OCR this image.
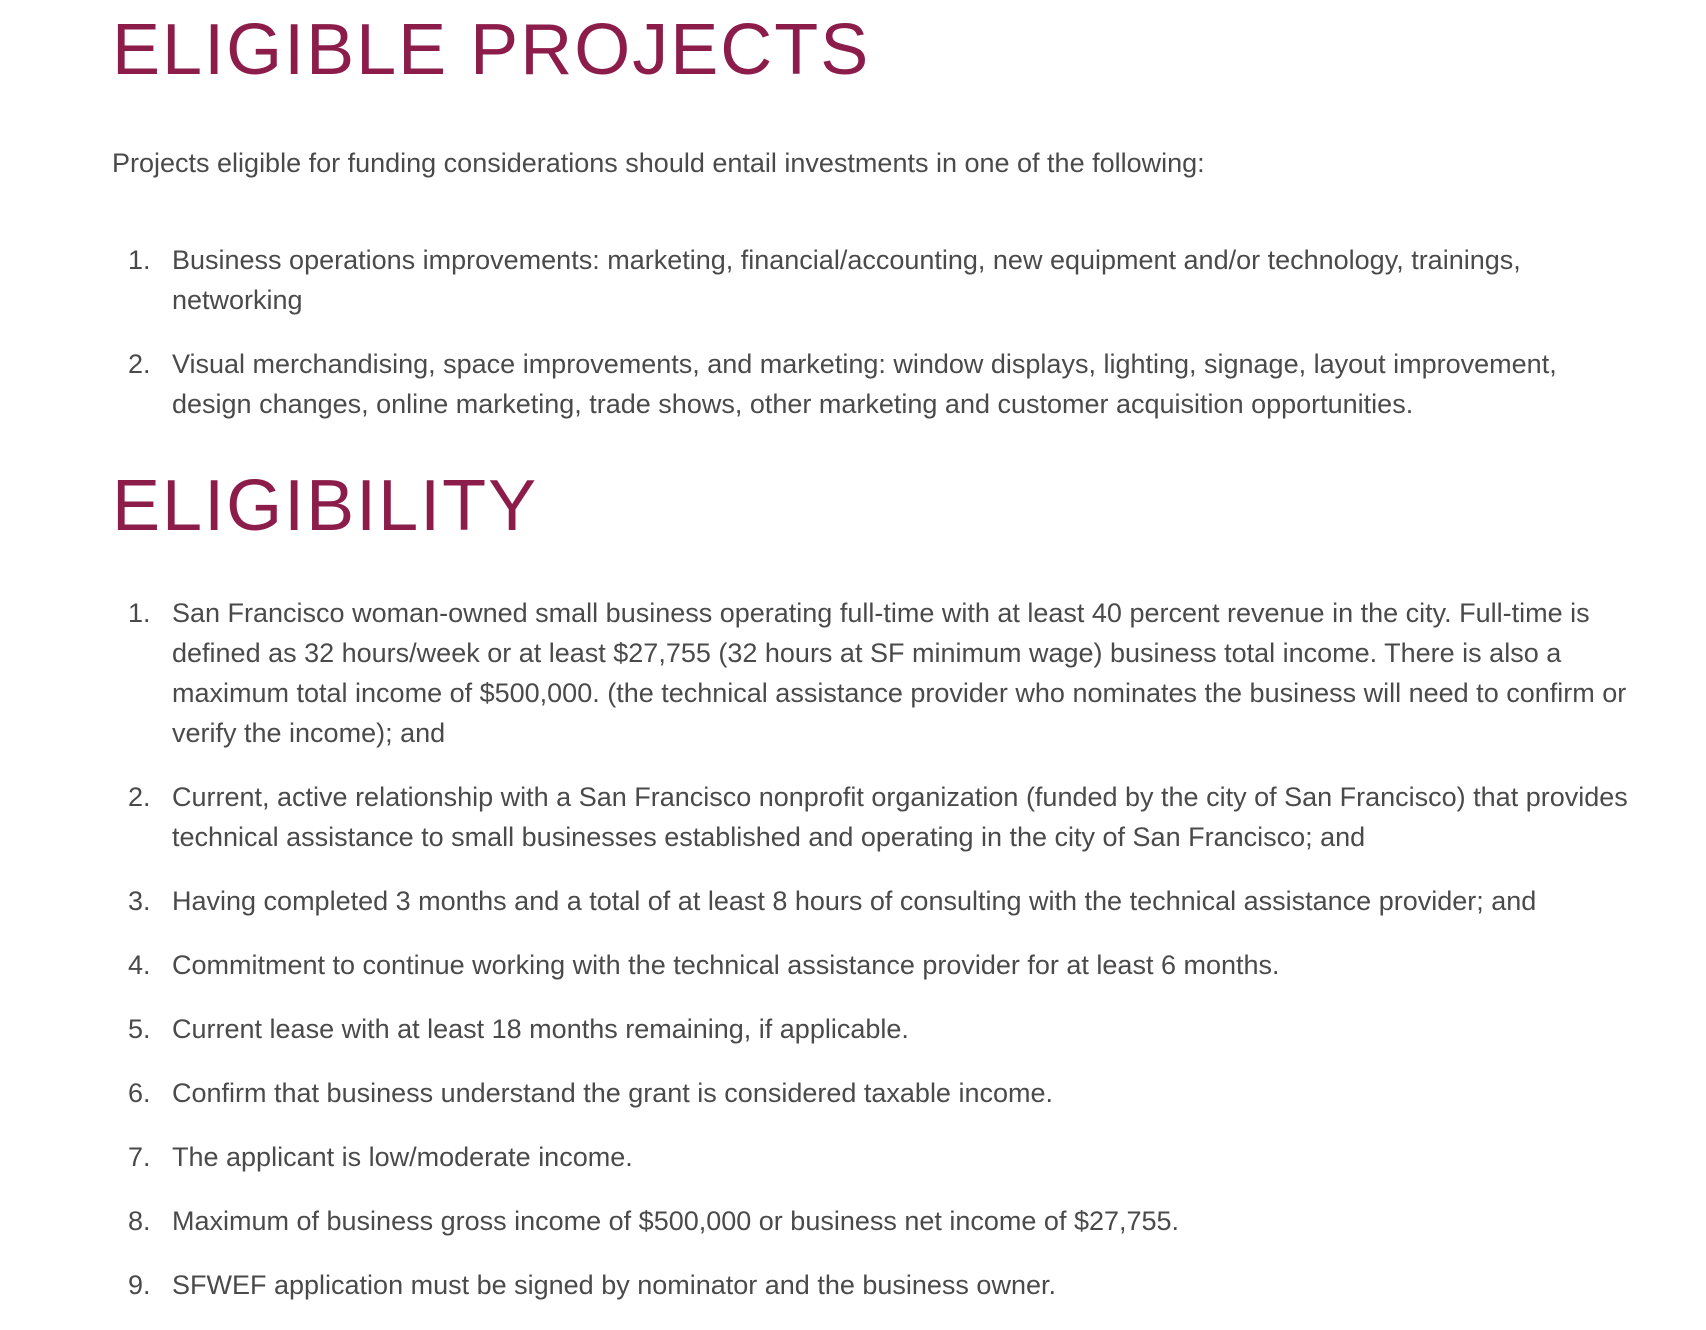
ELIGIBLE PROJECTS

Projects eligible for funding considerations should entail investments in one of the following:

1. Business operations improvements: marketing, financial/accounting, new equipment and/or technology, trainings, networking
2. Visual merchandising, space improvements, and marketing: window displays, lighting, signage, layout improvement, design changes, online marketing, trade shows, other marketing and customer acquisition opportunities.
ELIGIBILITY
1. San Francisco woman-owned small business operating full-time with at least 40 percent revenue in the city. Full-time is defined as 32 hours/week or at least $27,755 (32 hours at SF minimum wage) business total income. There is also a maximum total income of $500,000. (the technical assistance provider who nominates the business will need to confirm or verify the income); and
2. Current, active relationship with a San Francisco nonprofit organization (funded by the city of San Francisco) that provides technical assistance to small businesses established and operating in the city of San Francisco; and
3. Having completed 3 months and a total of at least 8 hours of consulting with the technical assistance provider; and
4. Commitment to continue working with the technical assistance provider for at least 6 months.
5. Current lease with at least 18 months remaining, if applicable.
6. Confirm that business understand the grant is considered taxable income.
7. The applicant is low/moderate income.
8. Maximum of business gross income of $500,000 or business net income of $27,755.
9. SFWEF application must be signed by nominator and the business owner.
